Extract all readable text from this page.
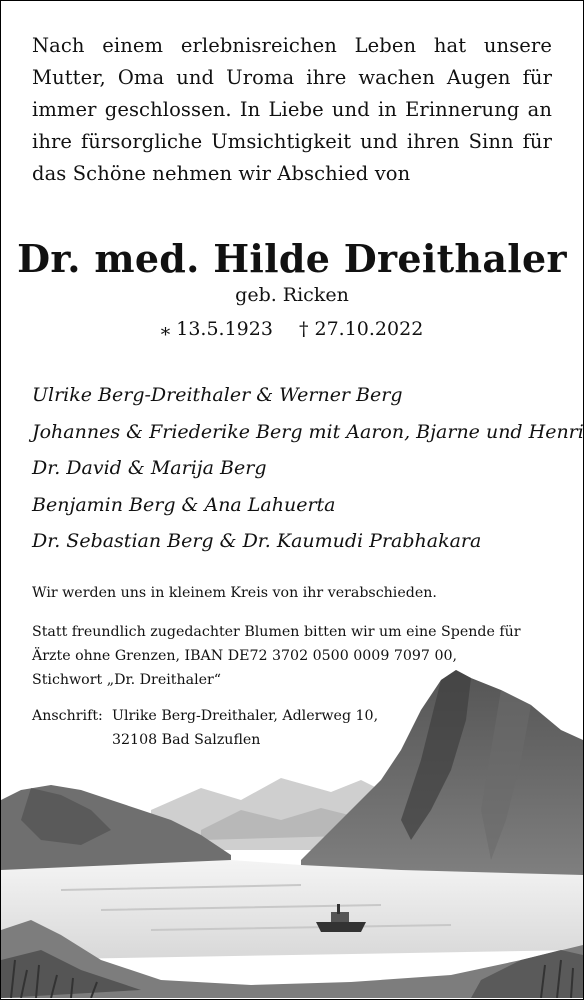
Nach einem erlebnisreichen Leben hat unsere Mutter, Oma und Uroma ihre wachen Augen für immer geschlossen. In Liebe und in Erinnerung an ihre fürsorgliche Umsichtigkeit und ihren Sinn für das Schöne nehmen wir Abschied von
Dr. med. Hilde Dreithaler
geb. Ricken
⁎ 13.5.1923 † 27.10.2022
Ulrike Berg-Dreithaler & Werner Berg
Johannes & Friederike Berg mit Aaron, Bjarne und Henri
Dr. David & Marija Berg
Benjamin Berg & Ana Lahuerta
Dr. Sebastian Berg & Dr. Kaumudi Prabhakara
Wir werden uns in kleinem Kreis von ihr verabschieden.
Statt freundlich zugedachter Blumen bitten wir um eine Spende für
Ärzte ohne Grenzen, IBAN DE72 3702 0500 0009 7097 00,
Stichwort „Dr. Dreithaler“
Anschrift: Ulrike Berg-Dreithaler, Adlerweg 10,
32108 Bad Salzuflen
